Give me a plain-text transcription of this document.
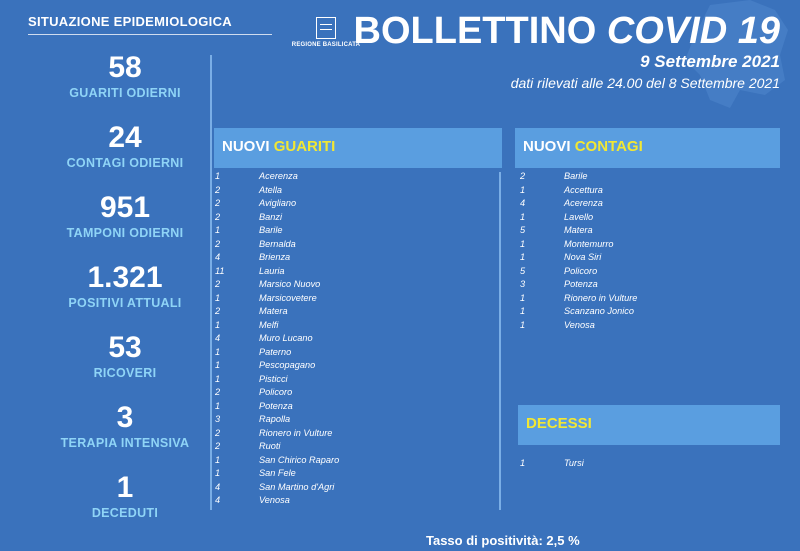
SITUAZIONE EPIDEMIOLOGICA
REGIONE BASILICATA
BOLLETTINO COVID 19
9 Settembre 2021
dati rilevati alle 24.00 del 8 Settembre 2021
58
GUARITI ODIERNI
24
CONTAGI ODIERNI
951
TAMPONI ODIERNI
1.321
POSITIVI ATTUALI
53
RICOVERI
3
TERAPIA INTENSIVA
1
DECEDUTI
NUOVI GUARITI
1	Acerenza
2	Atella
2	Avigliano
2	Banzi
1	Barile
2	Bernalda
4	Brienza
11	Lauria
2	Marsico Nuovo
1	Marsicovetere
2	Matera
1	Melfi
4	Muro Lucano
1	Paterno
1	Pescopagano
1	Pisticci
2	Policoro
1	Potenza
3	Rapolla
2	Rionero in Vulture
2	Ruoti
1	San Chirico Raparo
1	San Fele
4	San Martino d'Agri
4	Venosa
NUOVI CONTAGI
2	Barile
1	Accettura
4	Acerenza
1	Lavello
5	Matera
1	Montemurro
1	Nova Siri
5	Policoro
3	Potenza
1	Rionero in Vulture
1	Scanzano Jonico
1	Venosa
DECESSI
1	Tursi
Tasso di positività: 2,5 %
